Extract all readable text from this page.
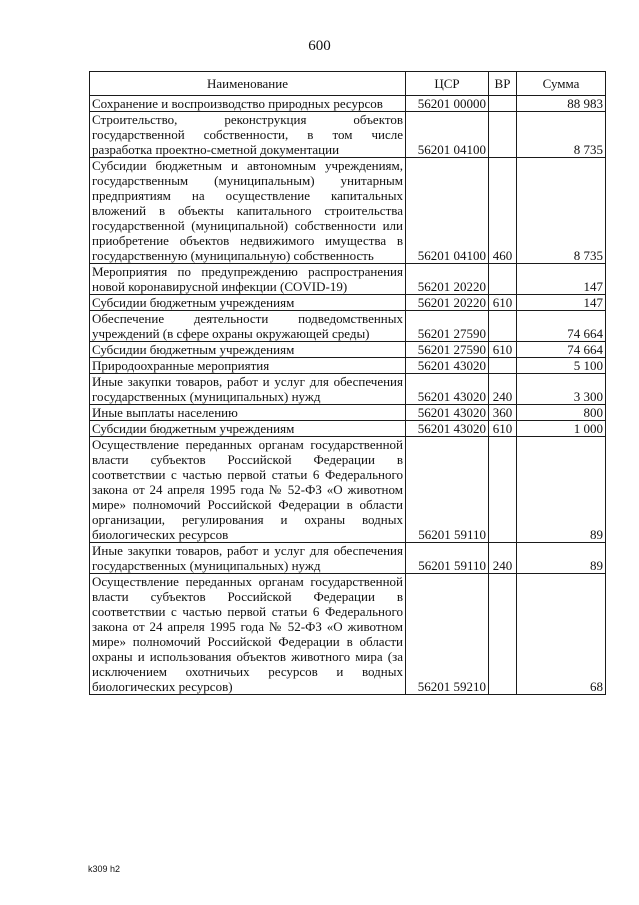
600
Наименование	ЦСР	ВР	Сумма
Сохранение и воспроизводство природных ресурсов	56201 00000		88 983
Строительство, реконструкция объектов государственной собственности, в том числе разработка проектно-сметной документации	56201 04100		8 735
Субсидии бюджетным и автономным учреждениям, государственным (муниципальным) унитарным предприятиям на осуществление капитальных вложений в объекты капитального строительства государственной (муниципальной) собственности или приобретение объектов недвижимого имущества в государственную (муниципальную) собственность	56201 04100	460	8 735
Мероприятия по предупреждению распространения новой коронавирусной инфекции (COVID-19)	56201 20220		147
Субсидии бюджетным учреждениям	56201 20220	610	147
Обеспечение деятельности подведомственных учреждений (в сфере охраны окружающей среды)	56201 27590		74 664
Субсидии бюджетным учреждениям	56201 27590	610	74 664
Природоохранные мероприятия	56201 43020		5 100
Иные закупки товаров, работ и услуг для обеспечения государственных (муниципальных) нужд	56201 43020	240	3 300
Иные выплаты населению	56201 43020	360	800
Субсидии бюджетным учреждениям	56201 43020	610	1 000
Осуществление переданных органам государственной власти субъектов Российской Федерации в соответствии с частью первой статьи 6 Федерального закона от 24 апреля 1995 года № 52-ФЗ «О животном мире» полномочий Российской Федерации в области организации, регулирования и охраны водных биологических ресурсов	56201 59110		89
Иные закупки товаров, работ и услуг для обеспечения государственных (муниципальных) нужд	56201 59110	240	89
Осуществление переданных органам государственной власти субъектов Российской Федерации в соответствии с частью первой статьи 6 Федерального закона от 24 апреля 1995 года № 52-ФЗ «О животном мире» полномочий Российской Федерации в области охраны и использования объектов животного мира (за исключением охотничьих ресурсов и водных биологических ресурсов)	56201 59210		68
k309 h2
